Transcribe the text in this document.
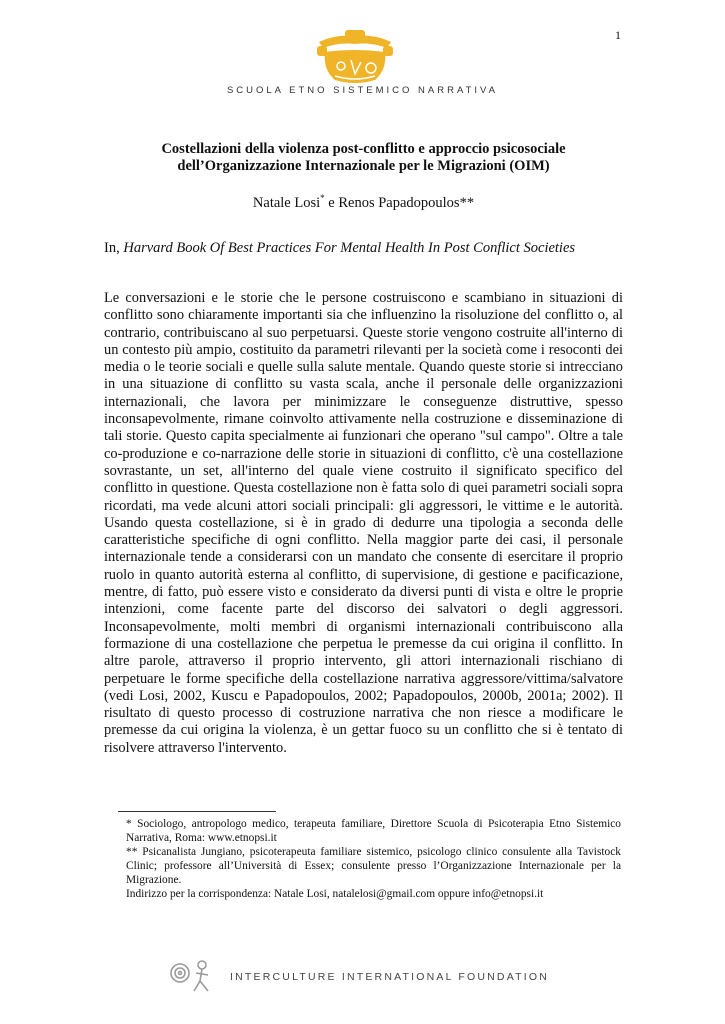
1
SCUOLA ETNO SISTEMICO NARRATIVA
Costellazioni della violenza post-conflitto e approccio psicosociale
dell’Organizzazione Internazionale per le Migrazioni (OIM)
Natale Losi* e Renos Papadopoulos**
In, Harvard Book Of Best Practices For Mental Health In Post Conflict Societies

Le conversazioni e le storie che le persone costruiscono e scambiano in situazioni di conflitto sono chiaramente importanti sia che influenzino la risoluzione del conflitto o, al contrario, contribuiscano al suo perpetuarsi. Queste storie vengono costruite all'interno di un contesto più ampio, costituito da parametri rilevanti per la società come i resoconti dei media o le teorie sociali e quelle sulla salute mentale. Quando queste storie si intrecciano in una situazione di conflitto su vasta scala, anche il personale delle organizzazioni internazionali, che lavora per minimizzare le conseguenze distruttive, spesso inconsapevolmente, rimane coinvolto attivamente nella costruzione e disseminazione di tali storie. Questo capita specialmente ai funzionari che operano "sul campo". Oltre a tale co-produzione e co-narrazione delle storie in situazioni di conflitto, c'è una costellazione sovrastante, un set, all'interno del quale viene costruito il significato specifico del conflitto in questione. Questa costellazione non è fatta solo di quei parametri sociali sopra ricordati, ma vede alcuni attori sociali principali: gli aggressori, le vittime e le autorità. Usando questa costellazione, si è in grado di dedurre una tipologia a seconda delle caratteristiche specifiche di ogni conflitto. Nella maggior parte dei casi, il personale internazionale tende a considerarsi con un mandato che consente di esercitare il proprio ruolo in quanto autorità esterna al conflitto, di supervisione, di gestione e pacificazione, mentre, di fatto, può essere visto e considerato da diversi punti di vista e oltre le proprie intenzioni, come facente parte del discorso dei salvatori o degli aggressori. Inconsapevolmente, molti membri di organismi internazionali contribuiscono alla formazione di una costellazione che perpetua le premesse da cui origina il conflitto. In altre parole, attraverso il proprio intervento, gli attori internazionali rischiano di perpetuare le forme specifiche della costellazione narrativa aggressore/vittima/salvatore (vedi Losi, 2002, Kuscu e Papadopoulos, 2002; Papadopoulos, 2000b, 2001a; 2002). Il risultato di questo processo di costruzione narrativa che non riesce a modificare le premesse da cui origina la violenza, è un gettar fuoco su un conflitto che si è tentato di risolvere attraverso l'intervento.

* Sociologo, antropologo medico, terapeuta familiare, Direttore Scuola di Psicoterapia Etno Sistemico Narrativa, Roma: www.etnopsi.it

** Psicanalista Jungiano, psicoterapeuta familiare sistemico, psicologo clinico consulente alla Tavistock Clinic; professore all’Università di Essex; consulente presso l’Organizzazione Internazionale per la Migrazione.

Indirizzo per la corrispondenza: Natale Losi, natalelosi@gmail.com oppure info@etnopsi.it

INTERCULTURE INTERNATIONAL FOUNDATION
